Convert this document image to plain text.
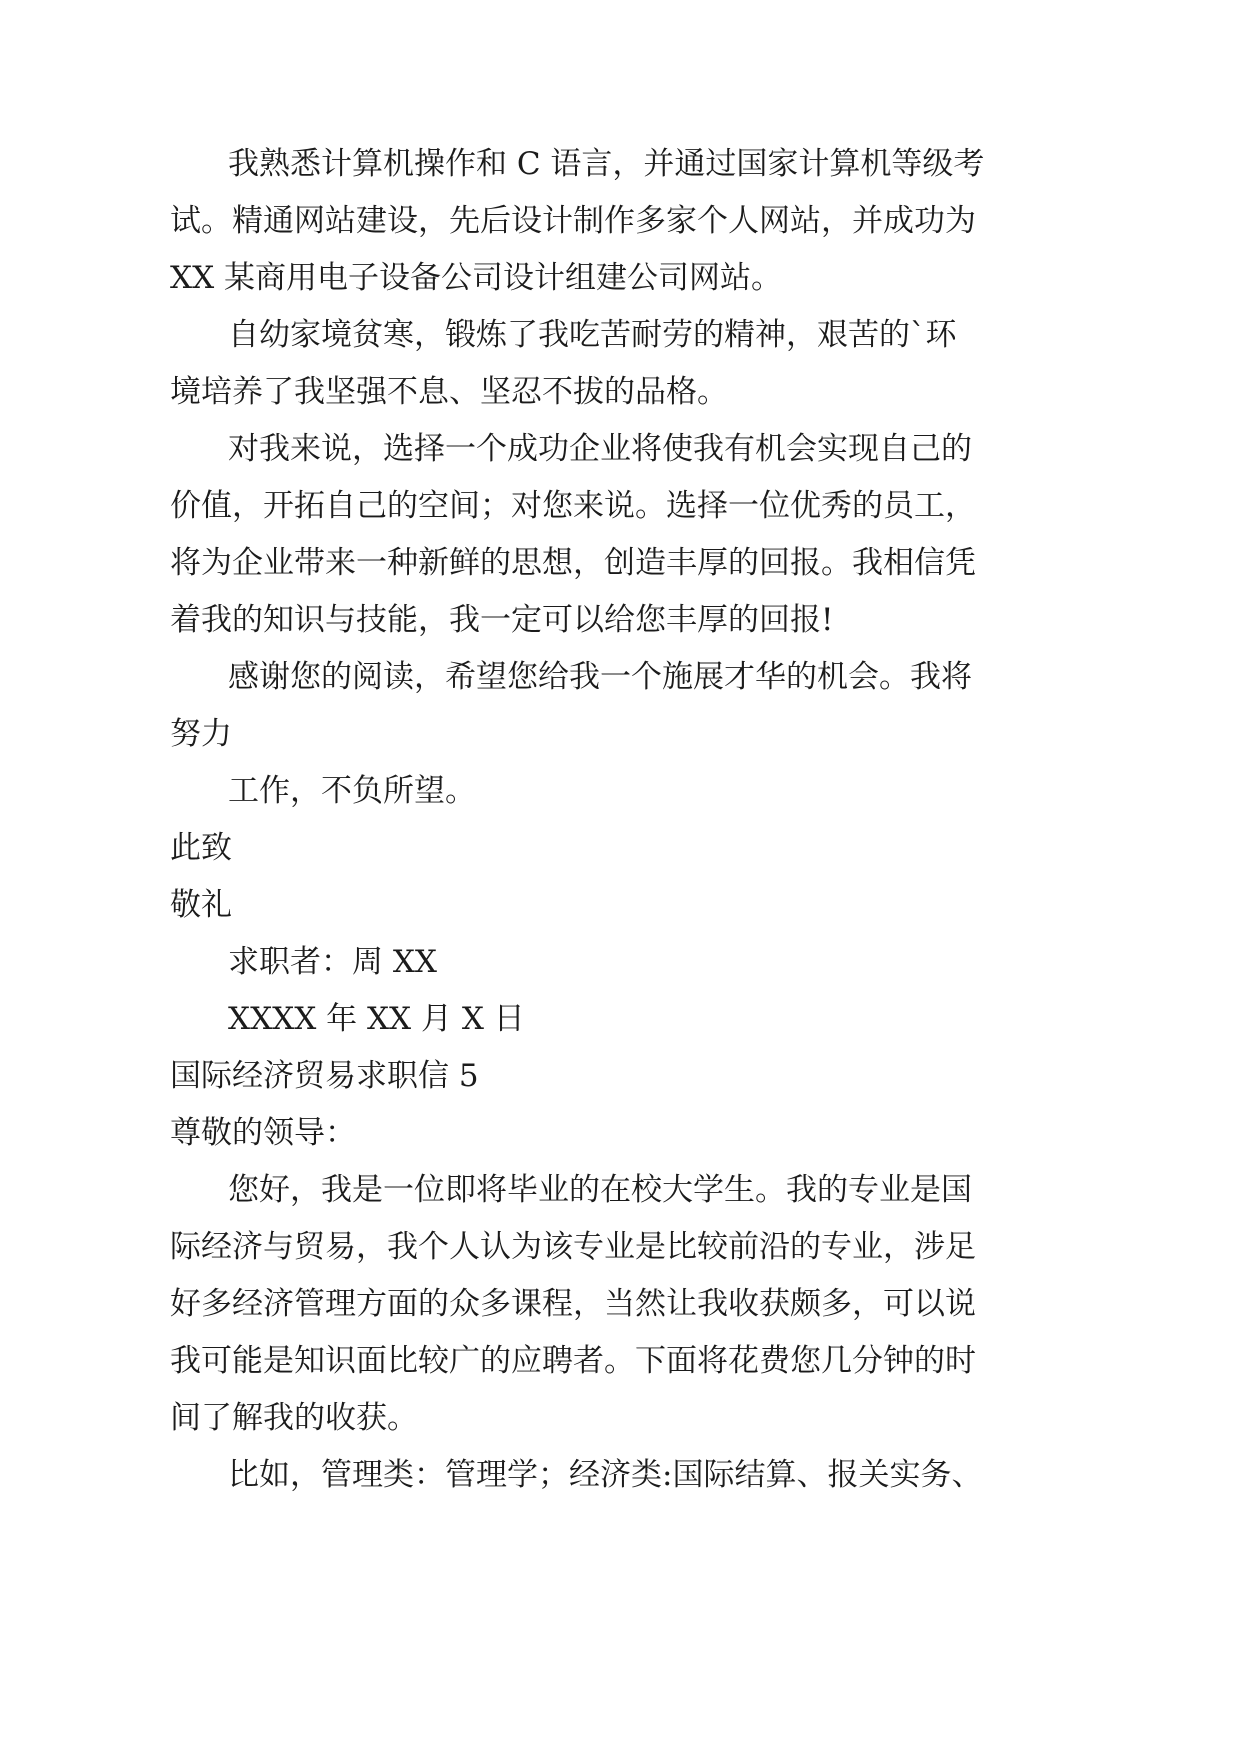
我熟悉计算机操作和 C 语言，并通过国家计算机等级考
试。精通网站建设，先后设计制作多家个人网站，并成功为
XX 某商用电子设备公司设计组建公司网站。
自幼家境贫寒，锻炼了我吃苦耐劳的精神，艰苦的`环
境培养了我坚强不息、坚忍不拔的品格。
对我来说，选择一个成功企业将使我有机会实现自己的
价值，开拓自己的空间；对您来说。选择一位优秀的员工，
将为企业带来一种新鲜的思想，创造丰厚的回报。我相信凭
着我的知识与技能，我一定可以给您丰厚的回报!
感谢您的阅读，希望您给我一个施展才华的机会。我将
努力
工作，不负所望。
此致
敬礼
求职者：周 XX
XXXX 年 XX 月 X 日
国际经济贸易求职信 5
尊敬的领导：
您好，我是一位即将毕业的在校大学生。我的专业是国
际经济与贸易，我个人认为该专业是比较前沿的专业，涉足
好多经济管理方面的众多课程，当然让我收获颇多，可以说
我可能是知识面比较广的应聘者。下面将花费您几分钟的时
间了解我的收获。
比如，管理类：管理学；经济类:国际结算、报关实务、
